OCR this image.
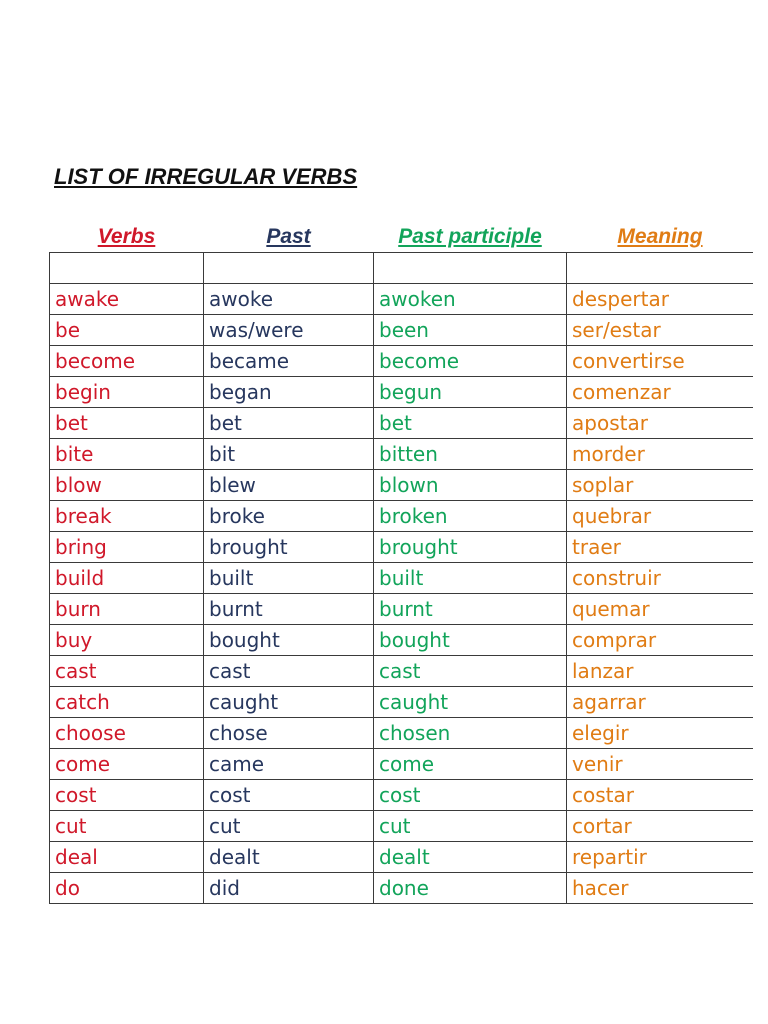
LIST OF IRREGULAR VERBS
Verbs	Past	Past participle	Meaning

awake	awoke	awoken	despertar
be	was/were	been	ser/estar
become	became	become	convertirse
begin	began	begun	comenzar
bet	bet	bet	apostar
bite	bit	bitten	morder
blow	blew	blown	soplar
break	broke	broken	quebrar
bring	brought	brought	traer
build	built	built	construir
burn	burnt	burnt	quemar
buy	bought	bought	comprar
cast	cast	cast	lanzar
catch	caught	caught	agarrar
choose	chose	chosen	elegir
come	came	come	venir
cost	cost	cost	costar
cut	cut	cut	cortar
deal	dealt	dealt	repartir
do	did	done	hacer
